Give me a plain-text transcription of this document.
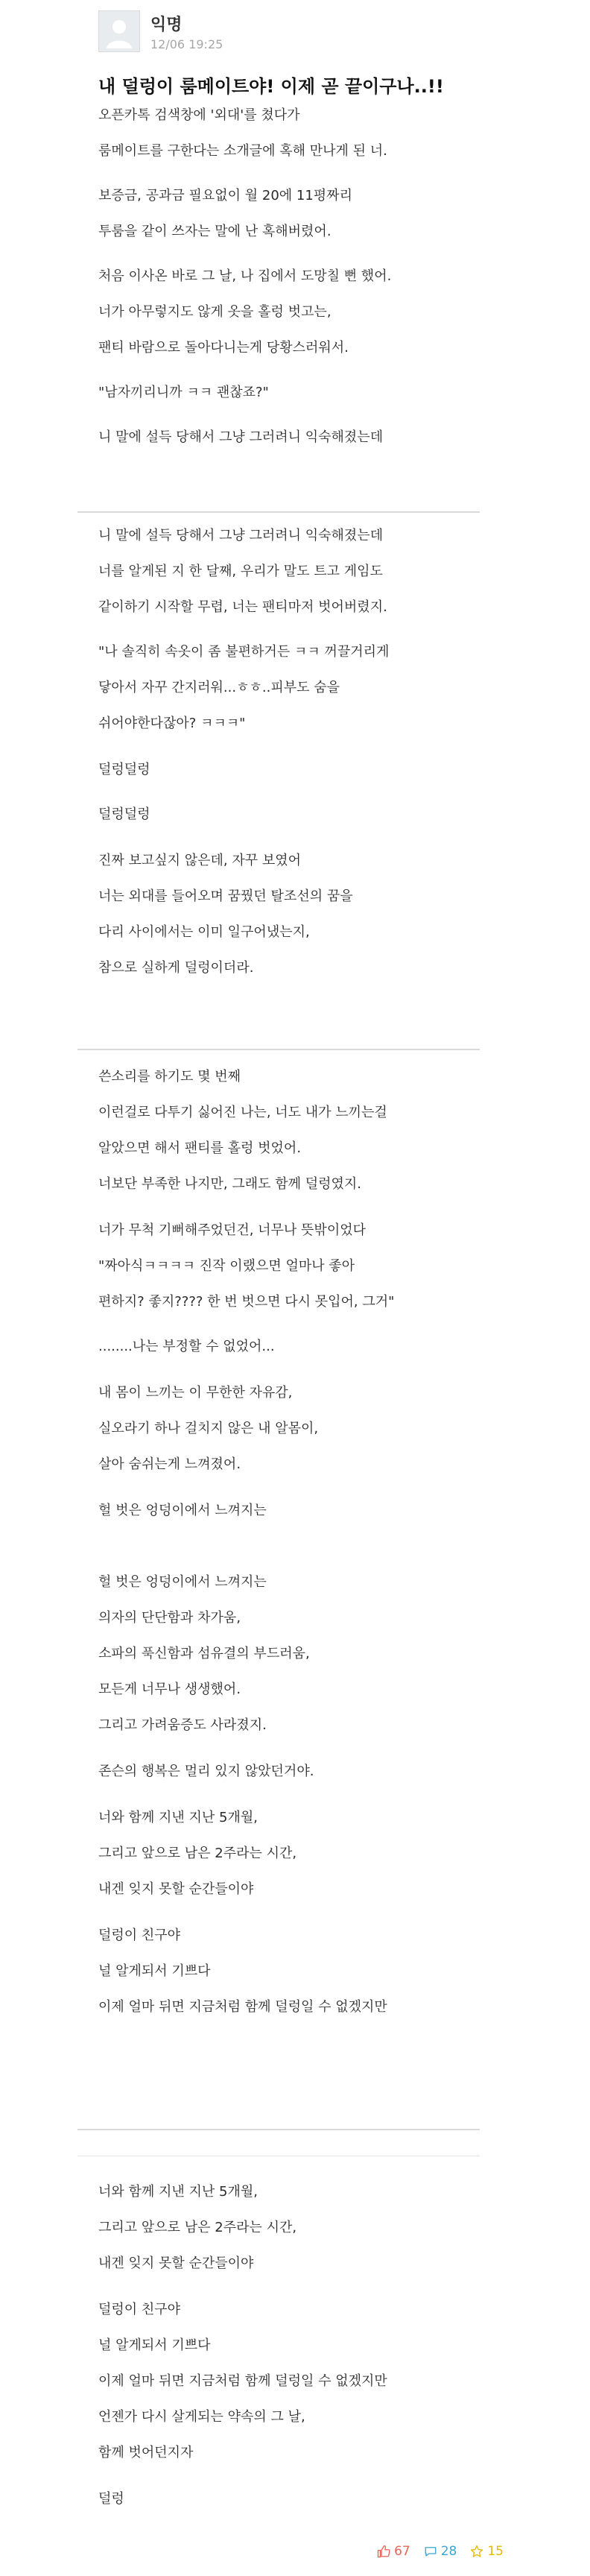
익명
12/06 19:25
내 덜렁이 룸메이트야! 이제 곧 끝이구나..!!
오픈카톡 검색창에 '외대'를 쳤다가
룸메이트를 구한다는 소개글에 혹해 만나게 된 너.
보증금, 공과금 필요없이 월 20에 11평짜리
투룸을 같이 쓰자는 말에 난 혹해버렸어.
처음 이사온 바로 그 날, 나 집에서 도망칠 뻔 했어.
너가 아무렇지도 않게 옷을 홀렁 벗고는,
팬티 바람으로 돌아다니는게 당황스러워서.
"남자끼리니까 ㅋㅋ 괜찮죠?"
니 말에 설득 당해서 그냥 그러려니 익숙해졌는데
니 말에 설득 당해서 그냥 그러려니 익숙해졌는데
너를 알게된 지 한 달째, 우리가 말도 트고 게임도
같이하기 시작할 무렵, 너는 팬티마저 벗어버렸지.
"나 솔직히 속옷이 좀 불편하거든 ㅋㅋ 꺼끌거리게
닿아서 자꾸 간지러워...ㅎㅎ..피부도 숨을
쉬어야한다잖아? ㅋㅋㅋ"
덜렁덜렁
덜렁덜렁
진짜 보고싶지 않은데, 자꾸 보였어
너는 외대를 들어오며 꿈꿨던 탈조선의 꿈을
다리 사이에서는 이미 일구어냈는지,
참으로 실하게 덜렁이더라.
쓴소리를 하기도 몇 번째
이런걸로 다투기 싫어진 나는, 너도 내가 느끼는걸
알았으면 해서 팬티를 홀렁 벗었어.
너보단 부족한 나지만, 그래도 함께 덜렁였지.
너가 무척 기뻐해주었던건, 너무나 뜻밖이었다
"짜아식ㅋㅋㅋㅋ 진작 이랬으면 얼마나 좋아
편하지? 좋지???? 한 번 벗으면 다시 못입어, 그거"
........나는 부정할 수 없었어...
내 몸이 느끼는 이 무한한 자유감,
실오라기 하나 걸치지 않은 내 알몸이,
살아 숨쉬는게 느껴졌어.
헐 벗은 엉덩이에서 느껴지는
헐 벗은 엉덩이에서 느껴지는
의자의 단단함과 차가움,
소파의 푹신함과 섬유결의 부드러움,
모든게 너무나 생생했어.
그리고 가려움증도 사라졌지.
존슨의 행복은 멀리 있지 않았던거야.
너와 함께 지낸 지난 5개월,
그리고 앞으로 남은 2주라는 시간,
내겐 잊지 못할 순간들이야
덜렁이 친구야
널 알게되서 기쁘다
이제 얼마 뒤면 지금처럼 함께 덜렁일 수 없겠지만
너와 함께 지낸 지난 5개월,
그리고 앞으로 남은 2주라는 시간,
내겐 잊지 못할 순간들이야
덜렁이 친구야
널 알게되서 기쁘다
이제 얼마 뒤면 지금처럼 함께 덜렁일 수 없겠지만
언젠가 다시 살게되는 약속의 그 날,
함께 벗어던지자
덜렁
67 28 15
